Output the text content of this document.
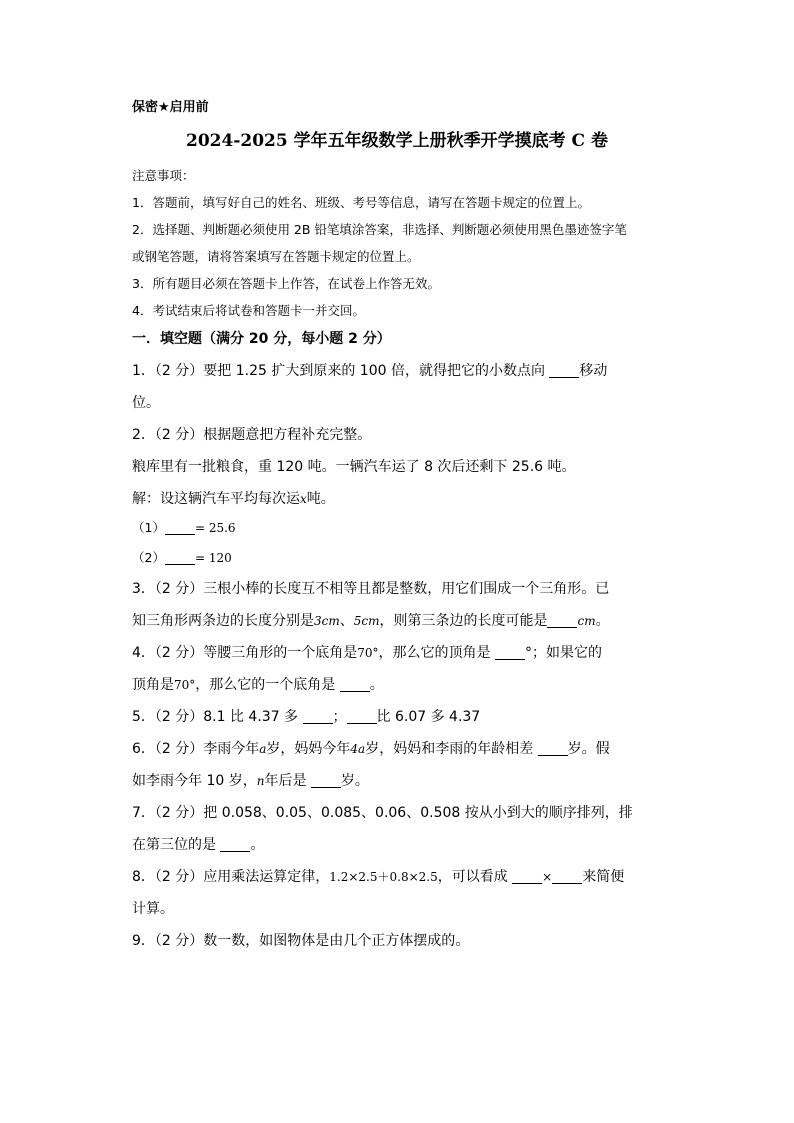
保密★启用前
2024-2025 学年五年级数学上册秋季开学摸底考 C 卷
注意事项：
1．答题前，填写好自己的姓名、班级、考号等信息，请写在答题卡规定的位置上。
2．选择题、判断题必须使用 2B 铅笔填涂答案，非选择、判断题必须使用黑色墨迹签字笔
或钢笔答题，请将答案填写在答题卡规定的位置上。
3．所有题目必须在答题卡上作答，在试卷上作答无效。
4．考试结束后将试卷和答题卡一并交回。
一．填空题（满分 20 分，每小题 2 分）
1．（2 分）要把 1.25 扩大到原来的 100 倍，就得把它的小数点向 移动
位。
2．（2 分）根据题意把方程补充完整。
粮库里有一批粮食，重 120 吨。一辆汽车运了 8 次后还剩下 25.6 吨。
解：设这辆汽车平均每次运x吨。
（1）	= 25.6
（2）	= 120
3．（2 分）三根小棒的长度互不相等且都是整数，用它们围成一个三角形。已
知三角形两条边的长度分别是3cm、5cm，则第三条边的长度可能是	cm。
4．（2 分）等腰三角形的一个底角是70°，那么它的顶角是 °；如果它的
顶角是70°，那么它的一个底角是 。
5．（2 分）8.1 比 4.37 多 ； 比 6.07 多 4.37
6．（2 分）李雨今年a岁，妈妈今年4a岁，妈妈和李雨的年龄相差 岁。假
如李雨今年 10 岁，n年后是 岁。
7．（2 分）把 0.058、0.05、0.085、0.06、0.508 按从小到大的顺序排列，排
在第三位的是 。
8．（2 分）应用乘法运算定律，1.2×2.5＋0.8×2.5，可以看成	× 来简便
计算。
9．（2 分）数一数，如图物体是由几个正方体摆成的。
